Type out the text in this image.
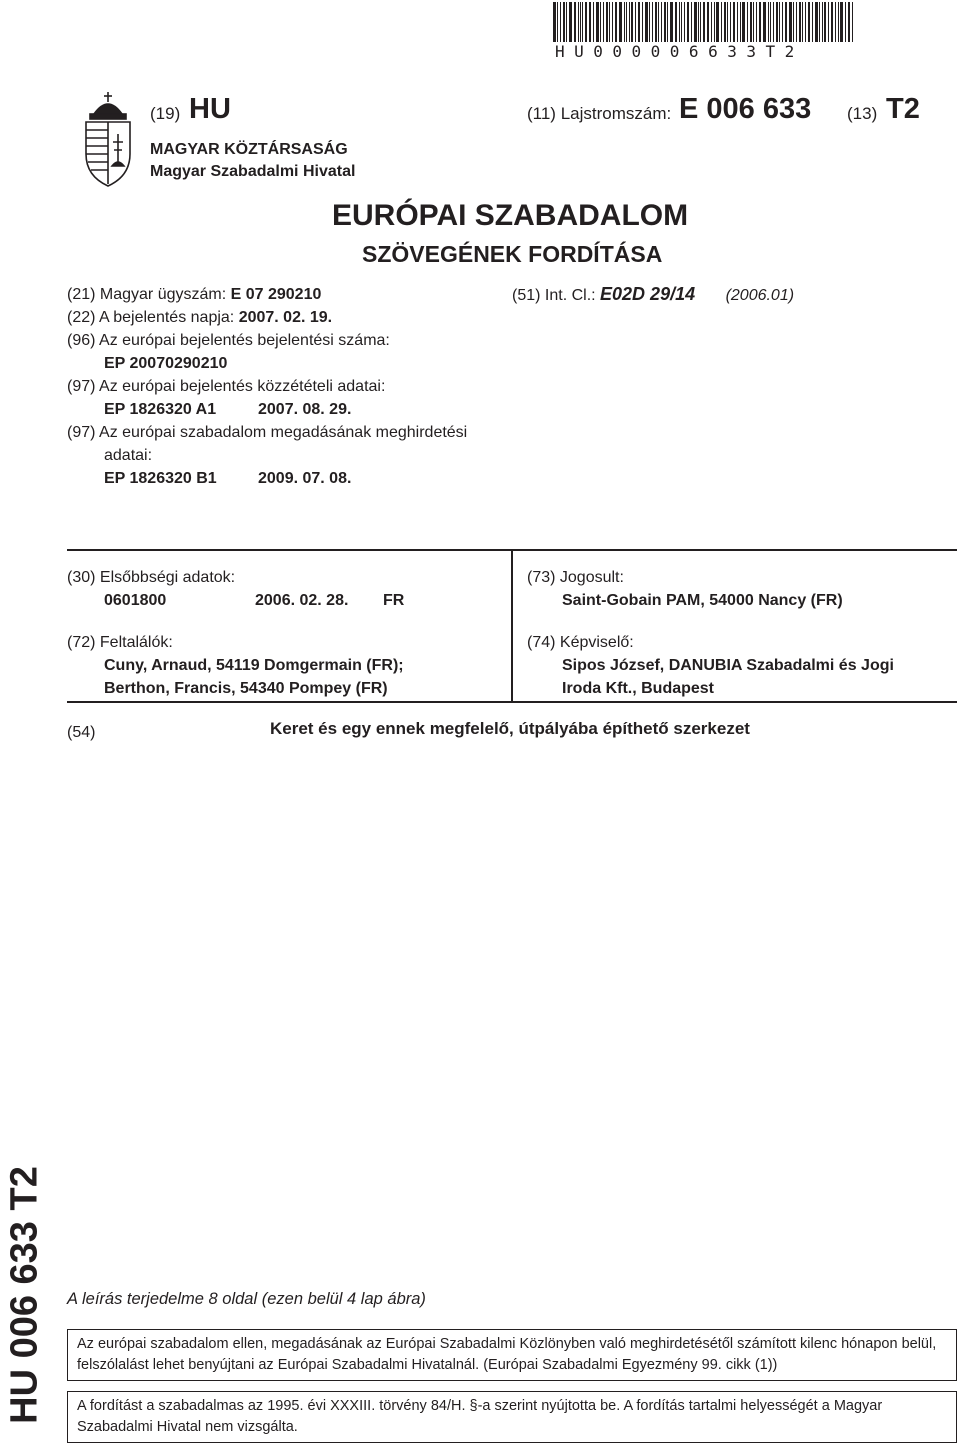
HU000006633T2
(19) HU
MAGYAR KÖZTÁRSASÁG
Magyar Szabadalmi Hivatal
(11) Lajstromszám: E 006 633 (13) T2
EURÓPAI SZABADALOM
SZÖVEGÉNEK FORDÍTÁSA
(21) Magyar ügyszám: E 07 290210
(22) A bejelentés napja: 2007. 02. 19.
(96) Az európai bejelentés bejelentési száma:
EP 20070290210
(97) Az európai bejelentés közzétételi adatai:
EP 1826320 A1	2007. 08. 29.
(97) Az európai szabadalom megadásának meghirdetési
adatai:
EP 1826320 B1	2009. 07. 08.
(51) Int. Cl.: E02D 29/14 (2006.01)
(30) Elsőbbségi adatok:
0601800	2006. 02. 28. FR
(72) Feltalálók:
Cuny, Arnaud, 54119 Domgermain (FR);
Berthon, Francis, 54340 Pompey (FR)
(73) Jogosult:
Saint-Gobain PAM, 54000 Nancy (FR)
(74) Képviselő:
Sipos József, DANUBIA Szabadalmi és Jogi
Iroda Kft., Budapest
(54)	Keret és egy ennek megfelelő, útpályába építhető szerkezet
HU 006 633 T2 A leírás terjedelme 8 oldal (ezen belül 4 lap ábra)
Az európai szabadalom ellen, megadásának az Európai Szabadalmi Közlönyben való meghirdetésétől számított kilenc hónapon belül, felszólalást lehet benyújtani az Európai Szabadalmi Hivatalnál. (Európai Szabadalmi Egyezmény 99. cikk (1))
A fordítást a szabadalmas az 1995. évi XXXIII. törvény 84/H. §-a szerint nyújtotta be. A fordítás tartalmi helyességét a Magyar Szabadalmi Hivatal nem vizsgálta.
